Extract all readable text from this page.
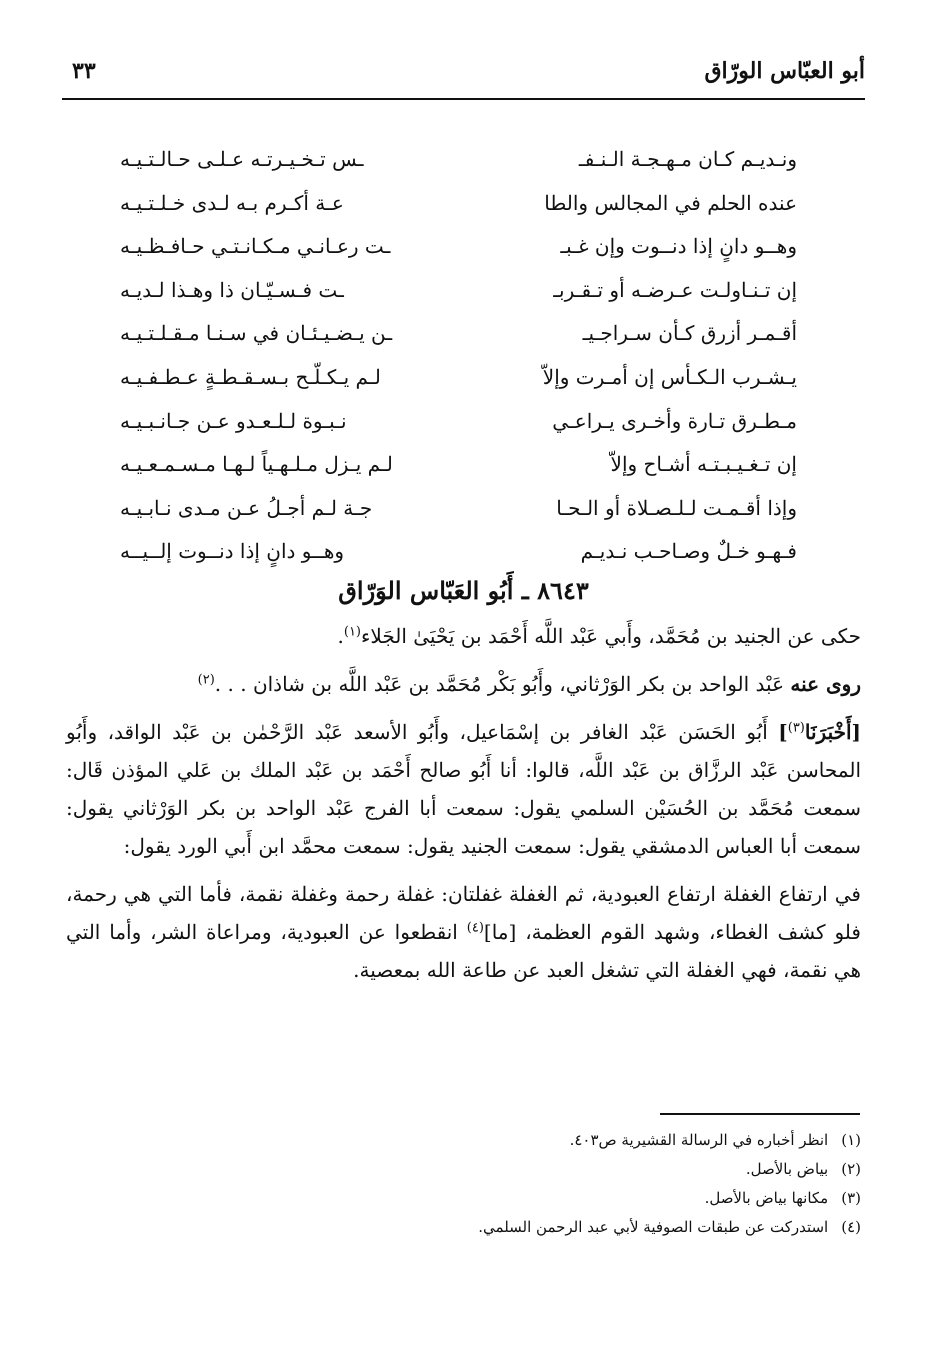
أبو العبّاس الورّاق
٣٣
ونـديـم كـان مـهـجـة الـنـفـ
ـس تـخـيـرتـه عـلـى حـالـتـيـه
عنده الحلم في المجالس والطا
عـة أكـرم بـه لـدى خـلـتـيـه
وهــو دانٍ إذا دنــوت وإن غـبـ
ـت رعـانـي مـكـانـتـي حـافـظـيـه
إن تـنـاولـت عـرضـه أو تـقـربـ
ـت فـسـيّـان ذا وهـذا لـديـه
أقـمـر أزرق كـأن سـراجـيـ
ـن يـضـيـئـان في سـنـا مـقـلـتـيـه
يـشـرب الـكـأس إن أمـرت وإلاّ
لـم يـكـلّـح بـسـقـطـةٍ عـطـفـيـه
مـطـرق تـارة وأخـرى يـراعـي
نـبـوة لـلـعـدو عـن جـانـبـيـه
إن تـغـيـبـتـه أشـاح وإلاّ
لـم يـزل مـلـهـياً لـهـا مـسـمـعـيـه
وإذا أقـمـت لـلـصـلاة أو الـحـا
جـة لـم أجـلُ عـن مـدى نـابـيـه
فـهـو خـلٌ وصـاحـب نـديـم
وهــو دانٍ إذا دنــوت إلــيــه
٨٦٤٣ ـ أَبُو العَبّاس الوَرّاق

حكى عن الجنيد بن مُحَمَّد، وأَبي عَبْد اللَّه أَحْمَد بن يَحْيَىٰ الجَلاء$^{(١)}$.

روى عنه عَبْد الواحد بن بكر الوَرْثاني، وأَبُو بَكْر مُحَمَّد بن عَبْد اللَّه بن شاذان . . .$^{(٢)}$

[أَخْبَرَنَا$^{(٣)}$] أَبُو الحَسَن عَبْد الغافر بن إسْمَاعيل، وأَبُو الأسعد عَبْد الرَّحْمٰن بن عَبْد الواقد، وأَبُو المحاسن عَبْد الرزَّاق بن عَبْد اللَّه، قالوا: أنا أَبُو صالح أَحْمَد بن عَبْد الملك بن عَلي المؤذن قَال: سمعت مُحَمَّد بن الحُسَيْن السلمي يقول: سمعت أبا الفرج عَبْد الواحد بن بكر الوَرْثاني يقول: سمعت أبا العباس الدمشقي يقول: سمعت الجنيد يقول: سمعت محمَّد ابن أَبي الورد يقول:

في ارتفاع الغفلة ارتفاع العبودية، ثم الغفلة غفلتان: غفلة رحمة وغفلة نقمة، فأما التي هي رحمة، فلو كشف الغطاء، وشهد القوم العظمة، [ما]$^{(٤)}$ انقطعوا عن العبودية، ومراعاة الشر، وأما التي هي نقمة، فهي الغفلة التي تشغل العبد عن طاعة الله بمعصية.

(١) انظر أخباره في الرسالة القشيرية ص٤٠٣.
(٢) بياض بالأصل.
(٣) مكانها بياض بالأصل.
(٤) استدركت عن طبقات الصوفية لأبي عبد الرحمن السلمي.
